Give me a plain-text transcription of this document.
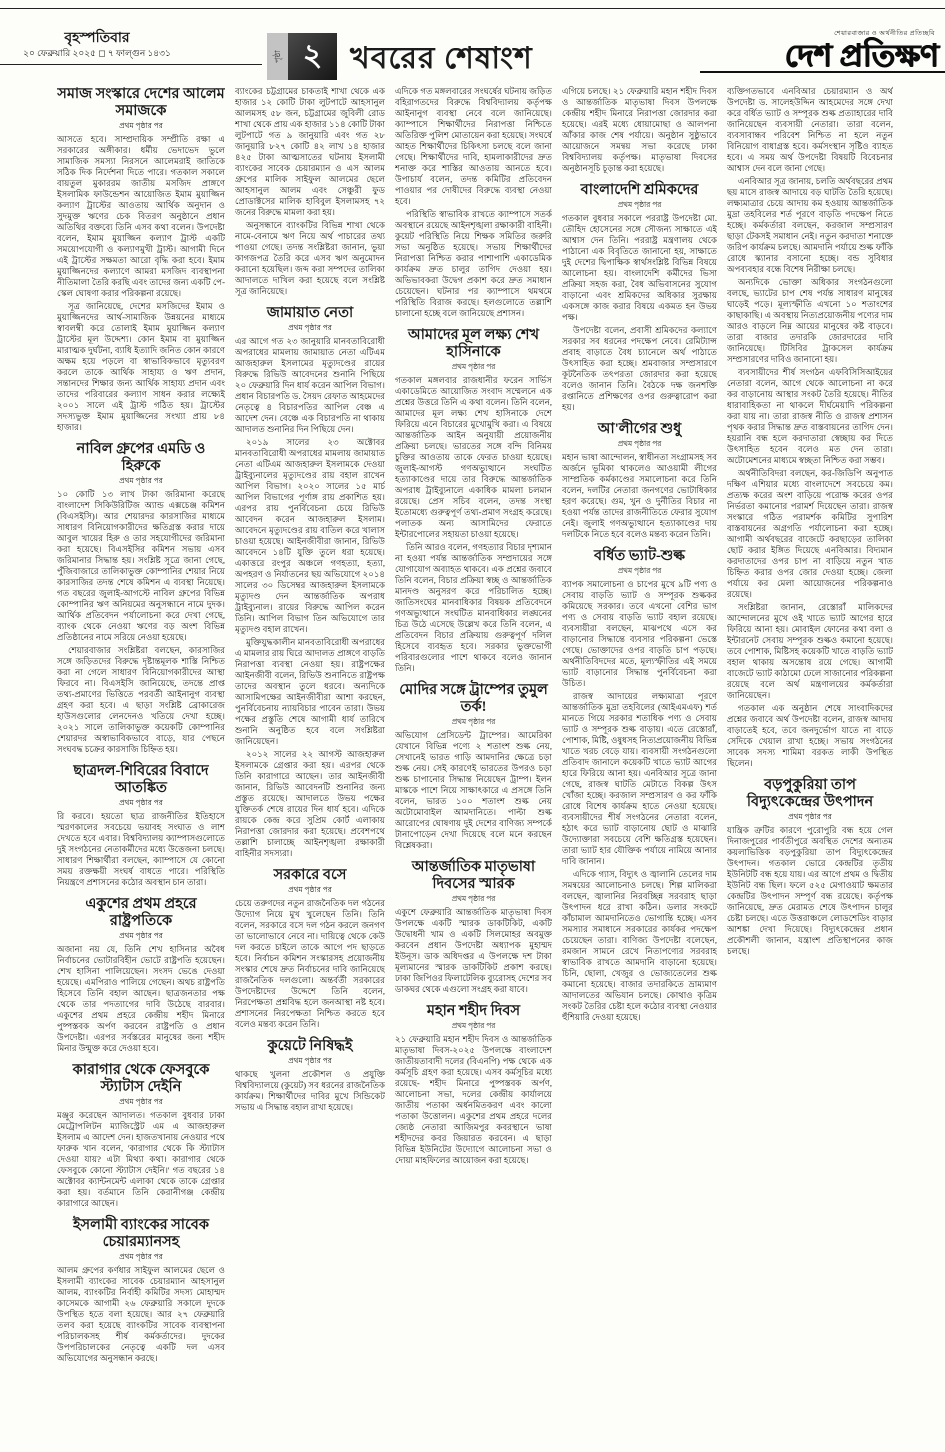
বৃহস্পতিবার
২০ ফেব্রুয়ারি ২০২৫ ◻ ৭ ফাল্গুন ১৪৩১	পৃষ্ঠা ২ খবরের শেষাংশ
শেয়ারবাজার ও অর্থনীতির প্রতিচ্ছবি
দেশ প্রতিক্ষণ
সমাজ সংস্কারে দেশের আলেম সমাজকে
প্রথম পৃষ্ঠার পর
আসতে হবে। সাম্প্রদায়িক সম্প্রীতি রক্ষা এ সরকারের অঙ্গীকার। ধর্মীয় ভেদাভেদ ভুলে সামাজিক সমস্যা নিরসনে আলেমরাই জাতিকে সঠিক দিক নির্দেশনা দিতে পারে। গতকাল সকালে বায়তুল মুকাররম জাতীয় মসজিদ প্রাঙ্গণে ইসলামিক ফাউন্ডেশন আয়োজিত ইমাম মুয়াজ্জিন কল্যাণ ট্রাস্টের আওতায় আর্থিক অনুদান ও সুদমুক্ত ঋণের চেক বিতরণ অনুষ্ঠানে প্রধান অতিথির বক্তব্যে তিনি এসব কথা বলেন। উপদেষ্টা বলেন, ইমাম মুয়াজ্জিন কল্যাণ ট্রাস্ট একটি সময়োপযোগী ও কল্যাণমুখী ট্রাস্ট। আগামী দিনে এই ট্রাস্টের সক্ষমতা আরো বৃদ্ধি করা হবে। ইমাম মুয়াজ্জিনদের কল্যাণে আমরা মসজিদ ব্যবস্থাপনা নীতিমালা তৈরি করছি এবং তাদের জন্য একটি পে-স্কেল ঘোষণা করার পরিকল্পনা রয়েছে।
সূত্র জানিয়েছে, দেশের মসজিদের ইমাম ও মুয়াজ্জিনদের আর্থ-সামাজিক উন্নয়নের মাধ্যমে স্বাবলম্বী করে তোলাই ইমাম মুয়াজ্জিন কল্যাণ ট্রাস্টের মূল উদ্দেশ্য। কোন ইমাম বা মুয়াজ্জিন মারাত্মক দুর্ঘটনা, ব্যাধি ইত্যাদি জনিত কোন কারণে অক্ষম হয়ে পড়লে বা স্বাভাবিকভাবে মৃত্যুবরণ করলে তাকে আর্থিক সাহায্য ও ঋণ প্রদান, সন্তানদের শিক্ষার জন্য আর্থিক সাহায্য প্রদান এবং তাদের পরিবারের কল্যাণ সাধন করার লক্ষ্যেই ২০০১ সালে এই ট্রাস্ট গঠিত হয়। ট্রাস্টের সদস্যভুক্ত ইমাম মুয়াজ্জিনের সংখ্যা প্রায় ৮৪ হাজার।
নাবিল গ্রুপের এমডি ও হিরুকে
প্রথম পৃষ্ঠার পর
১০ কোটি ১৩ লাখ টাকা জরিমানা করেছে বাংলাদেশ সিকিউরিটিজ অ্যান্ড এক্সচেঞ্জ কমিশন (বিএসইসি)। আর শেয়ারদর কারসাজির মাধ্যমে সাধারণ বিনিয়োগকারীদের ক্ষতিগ্রস্ত করার দায়ে আবুল খায়ের হিরু ও তার সহযোগীদের জরিমানা করা হয়েছে। বিএসইসির কমিশন সভায় এসব জরিমানার সিদ্ধান্ত হয়। সংশ্লিষ্ট সূত্রে জানা গেছে, পুঁজিবাজারে তালিকাভুক্ত কোম্পানির শেয়ার নিয়ে কারসাজির তদন্ত শেষে কমিশন এ ব্যবস্থা নিয়েছে। গত বছরের জুলাই-আগস্টে নাবিল গ্রুপের বিভিন্ন কোম্পানির ঋণ অনিয়মের অনুসন্ধানে নামে দুদক। আর্থিক প্রতিবেদন পর্যালোচনা করে দেখা গেছে, ব্যাংক থেকে নেওয়া ঋণের বড় অংশ বিভিন্ন প্রতিষ্ঠানের নামে সরিয়ে নেওয়া হয়েছে।
শেয়ারবাজার সংশ্লিষ্টরা বলছেন, কারসাজির সঙ্গে জড়িতদের বিরুদ্ধে দৃষ্টান্তমূলক শাস্তি নিশ্চিত করা না গেলে সাধারণ বিনিয়োগকারীদের আস্থা ফিরবে না। বিএসইসি জানিয়েছে, তদন্তে প্রাপ্ত তথ্য-প্রমাণের ভিত্তিতে পরবর্তী আইনানুগ ব্যবস্থা গ্রহণ করা হবে। এ ছাড়া সংশ্লিষ্ট ব্রোকারেজ হাউসগুলোর লেনদেনও খতিয়ে দেখা হচ্ছে। ২০২১ সালে তালিকাভুক্ত কয়েকটি কোম্পানির শেয়ারদর অস্বাভাবিকভাবে বাড়ে, যার পেছনে সংঘবদ্ধ চক্রের কারসাজি চিহ্নিত হয়।
ছাত্রদল-শিবিরের বিবাদে আতঙ্কিত
প্রথম পৃষ্ঠার পর
রি করবে। হয়তো ছাত্র রাজনীতির ইতিহাসে স্মরণকালের সবচেয়ে ভয়াবহ সংঘাত ও লাশ দেখতে হবে এবার। বিশ্ববিদ্যালয় ক্যাম্পাসগুলোতে দুই সংগঠনের নেতাকর্মীদের মধ্যে উত্তেজনা চলছে। সাধারণ শিক্ষার্থীরা বলছেন, ক্যাম্পাসে যে কোনো সময় রক্তক্ষয়ী সংঘর্ষ বাধতে পারে। পরিস্থিতি নিয়ন্ত্রণে প্রশাসনের কঠোর অবস্থান চান তারা।
একুশের প্রথম প্রহরে রাষ্ট্রপতিকে
প্রথম পৃষ্ঠার পর
অজানা নয় যে, তিনি শেখ হাসিনার অবৈধ নির্বাচনের ভোটারবিহীন ভোটে রাষ্ট্রপতি হয়েছেন। শেখ হাসিনা পালিয়েছেন। সংসদ ভেঙে দেওয়া হয়েছে। এমপিরাও পালিয়ে গেছেন। অথচ রাষ্ট্রপতি হিসেবে তিনি বহাল আছেন। ছাত্রজনতার পক্ষ থেকে তার পদত্যাগের দাবি উঠেছে বারবার। একুশের প্রথম প্রহরে কেন্দ্রীয় শহীদ মিনারে পুষ্পস্তবক অর্পণ করবেন রাষ্ট্রপতি ও প্রধান উপদেষ্টা। এরপর সর্বস্তরের মানুষের জন্য শহীদ মিনার উন্মুক্ত করে দেওয়া হবে।
কারাগার থেকে ফেসবুকে স্ট্যাটাস দেইনি
প্রথম পৃষ্ঠার পর
মঞ্জুর করেছেন আদালত। গতকাল বুধবার ঢাকা মেট্রোপলিটন ম্যাজিস্ট্রেট এম এ আজহারুল ইসলাম এ আদেশ দেন। হাজতখানায় নেওয়ার পথে ফারুক খান বলেন, 'কারাগার থেকে কি স্ট্যাটাস দেওয়া যায়? এটা মিথ্যা কথা। কারাগার থেকে ফেসবুকে কোনো স্ট্যাটাস দেইনি।' গত বছরের ১৪ অক্টোবর ক্যান্টনমেন্ট এলাকা থেকে তাকে গ্রেপ্তার করা হয়। বর্তমানে তিনি কেরানীগঞ্জ কেন্দ্রীয় কারাগারে আছেন।
ইসলামী ব্যাংকের সাবেক চেয়ারম্যানসহ
প্রথম পৃষ্ঠার পর
আলম গ্রুপের কর্ণধার সাইফুল আলমের ছেলে ও ইসলামী ব্যাংকের সাবেক চেয়ারম্যান আহসানুল আলম, ব্যাংকটির নির্বাহী কমিটির সদস্য মোহাম্মদ কাসেমকে আগামী ২৬ ফেব্রুয়ারি সকালে দুদকে উপস্থিত হতে বলা হয়েছে। আর ২৭ ফেব্রুয়ারি তলব করা হয়েছে ব্যাংকটির সাবেক ব্যবস্থাপনা পরিচালকসহ শীর্ষ কর্মকর্তাদের। দুদকের উপপরিচালকের নেতৃত্বে একটি দল এসব অভিযোগের অনুসন্ধান করছে।
ব্যাংকের চট্টগ্রামের চাকতাই শাখা থেকে এক হাজার ১২ কোটি টাকা লুটপাটে আহসানুল আলমসহ ৫৮ জন, চট্টগ্রামের জুবিলী রোড শাখা থেকে প্রায় এক হাজার ১১৪ কোটি টাকা লুটপাটে গত ৯ জানুয়ারি এবং গত ২৮ জানুয়ারি ৮২৭ কোটি ৪২ লাখ ১৪ হাজার ৪২৫ টাকা আত্মসাতের ঘটনায় ইসলামী ব্যাংকের সাবেক চেয়ারম্যান ও এস আলম গ্রুপের মালিক সাইফুল আলমের ছেলে আহসানুল আলম এবং সেঞ্চুরী ফুড প্রোডাক্টসের মালিক হাবিবুল ইসলামসহ ৭২ জনের বিরুদ্ধে মামলা করা হয়।
অনুসন্ধানে ব্যাংকটির বিভিন্ন শাখা থেকে নামে-বেনামে ঋণ নিয়ে অর্থ পাচারের তথ্য পাওয়া গেছে। তদন্ত সংশ্লিষ্টরা জানান, ভুয়া কাগজপত্র তৈরি করে এসব ঋণ অনুমোদন করানো হয়েছিল। জব্দ করা সম্পদের তালিকা আদালতে দাখিল করা হয়েছে বলে সংশ্লিষ্ট সূত্র জানিয়েছে।
জামায়াত নেতা
প্রথম পৃষ্ঠার পর
এর আগে গত ২৩ জানুয়ারি মানবতাবিরোধী অপরাধের মামলায় জামায়াত নেতা এটিএম আজহারুল ইসলামের মৃত্যুদণ্ডের রায়ের বিরুদ্ধে রিভিউ আবেদনের শুনানি পিছিয়ে ২০ ফেব্রুয়ারি দিন ধার্য করেন আপিল বিভাগ। প্রধান বিচারপতি ড. সৈয়দ রেফাত আহমেদের নেতৃত্বে ৪ বিচারপতির আপিল বেঞ্চ এ আদেশ দেন। বেঞ্চে এক বিচারপতি না থাকায় আদালত শুনানির দিন পিছিয়ে দেন।
২০১৯ সালের ২৩ অক্টোবর মানবতাবিরোধী অপরাধের মামলায় জামায়াত নেতা এটিএম আজহারুল ইসলামকে দেওয়া ট্রাইব্যুনালের মৃত্যুদণ্ডের রায় বহাল রাখেন আপিল বিভাগ। ২০২০ সালের ১৫ মার্চ আপিল বিভাগের পূর্ণাঙ্গ রায় প্রকাশিত হয়। এরপর রায় পুনর্বিবেচনা চেয়ে রিভিউ আবেদন করেন আজহারুল ইসলাম। আবেদনে মৃত্যুদণ্ডের রায় বাতিল করে খালাস চাওয়া হয়েছে। আইনজীবীরা জানান, রিভিউ আবেদনে ১৪টি যুক্তি তুলে ধরা হয়েছে। একাত্তরে রংপুর অঞ্চলে গণহত্যা, হত্যা, অপহরণ ও নির্যাতনের ছয় অভিযোগে ২০১৪ সালের ৩০ ডিসেম্বর আজহারুল ইসলামকে মৃত্যুদণ্ড দেন আন্তর্জাতিক অপরাধ ট্রাইব্যুনাল। রায়ের বিরুদ্ধে আপিল করেন তিনি। আপিল বিভাগ তিন অভিযোগে তার মৃত্যুদণ্ড বহাল রাখেন।
মুক্তিযুদ্ধকালীন মানবতাবিরোধী অপরাধের এ মামলার রায় ঘিরে আদালত প্রাঙ্গণে বাড়তি নিরাপত্তা ব্যবস্থা নেওয়া হয়। রাষ্ট্রপক্ষের আইনজীবী বলেন, রিভিউ শুনানিতে রাষ্ট্রপক্ষ তাদের অবস্থান তুলে ধরবে। অন্যদিকে আসামিপক্ষের আইনজীবীরা আশা করছেন, পুনর্বিবেচনায় ন্যায়বিচার পাবেন তারা। উভয় পক্ষের প্রস্তুতি শেষে আগামী ধার্য তারিখে শুনানি অনুষ্ঠিত হবে বলে সংশ্লিষ্টরা জানিয়েছেন।
২০১২ সালের ২২ আগস্ট আজহারুল ইসলামকে গ্রেপ্তার করা হয়। এরপর থেকে তিনি কারাগারে আছেন। তার আইনজীবী জানান, রিভিউ আবেদনটি শুনানির জন্য প্রস্তুত রয়েছে। আদালতে উভয় পক্ষের যুক্তিতর্ক শেষে রায়ের দিন ধার্য হবে। এদিকে রায়কে কেন্দ্র করে সুপ্রিম কোর্ট এলাকায় নিরাপত্তা জোরদার করা হয়েছে। প্রবেশপথে তল্লাশি চালাচ্ছে আইনশৃঙ্খলা রক্ষাকারী বাহিনীর সদস্যরা।
সরকারে বসে
প্রথম পৃষ্ঠার পর
চেয়ে তরুণদের নতুন রাজনৈতিক দল গঠনের উদ্যোগ নিয়ে মুখ খুলেছেন তিনি। তিনি বলেন, সরকারে বসে দল গঠন করলে জনগণ তা ভালোভাবে নেবে না। দায়িত্বে থেকে কেউ দল করতে চাইলে তাকে আগে পদ ছাড়তে হবে। নির্বাচন কমিশন সংস্কারসহ প্রয়োজনীয় সংস্কার শেষে দ্রুত নির্বাচনের দাবি জানিয়েছে রাজনৈতিক দলগুলো। অন্তর্বর্তী সরকারের উপদেষ্টাদের উদ্দেশে তিনি বলেন, নিরপেক্ষতা প্রশ্নবিদ্ধ হলে জনআস্থা নষ্ট হবে। প্রশাসনের নিরপেক্ষতা নিশ্চিত করতে হবে বলেও মন্তব্য করেন তিনি।
কুয়েটে নিষিদ্ধই
প্রথম পৃষ্ঠার পর
থাকছে খুলনা প্রকৌশল ও প্রযুক্তি বিশ্ববিদ্যালয়ে (কুয়েট) সব ধরনের রাজনৈতিক কার্যক্রম। শিক্ষার্থীদের দাবির মুখে সিন্ডিকেট সভায় এ সিদ্ধান্ত বহাল রাখা হয়েছে।
এদিকে গত মঙ্গলবারের সংঘর্ষের ঘটনায় জড়িত বহিরাগতদের বিরুদ্ধে বিশ্ববিদ্যালয় কর্তৃপক্ষ আইনানুগ ব্যবস্থা নেবে বলে জানিয়েছে। ক্যাম্পাসে শিক্ষার্থীদের নিরাপত্তা নিশ্চিতে অতিরিক্ত পুলিশ মোতায়েন করা হয়েছে। সংঘর্ষে আহত শিক্ষার্থীদের চিকিৎসা চলছে বলে জানা গেছে। শিক্ষার্থীদের দাবি, হামলাকারীদের দ্রুত শনাক্ত করে শাস্তির আওতায় আনতে হবে। উপাচার্য বলেন, তদন্ত কমিটির প্রতিবেদন পাওয়ার পর দোষীদের বিরুদ্ধে ব্যবস্থা নেওয়া হবে।
পরিস্থিতি স্বাভাবিক রাখতে ক্যাম্পাসে সতর্ক অবস্থানে রয়েছে আইনশৃঙ্খলা রক্ষাকারী বাহিনী। কুয়েট পরিস্থিতি নিয়ে শিক্ষক সমিতির জরুরি সভা অনুষ্ঠিত হয়েছে। সভায় শিক্ষার্থীদের নিরাপত্তা নিশ্চিত করার পাশাপাশি একাডেমিক কার্যক্রম দ্রুত চালুর তাগিদ দেওয়া হয়। অভিভাবকরা উদ্বেগ প্রকাশ করে দ্রুত সমাধান চেয়েছেন। ঘটনার পর ক্যাম্পাসে থমথমে পরিস্থিতি বিরাজ করছে। হলগুলোতে তল্লাশি চালানো হচ্ছে বলে জানিয়েছে প্রশাসন।
আমাদের মূল লক্ষ্য শেখ হাসিনাকে
প্রথম পৃষ্ঠার পর
গতকাল মঙ্গলবার রাজধানীর ফরেন সার্ভিস একাডেমিতে আয়োজিত সংবাদ সম্মেলনে এক প্রশ্নের উত্তরে তিনি এ কথা বলেন। তিনি বলেন, আমাদের মূল লক্ষ্য শেখ হাসিনাকে দেশে ফিরিয়ে এনে বিচারের মুখোমুখি করা। এ বিষয়ে আন্তর্জাতিক আইন অনুযায়ী প্রয়োজনীয় প্রক্রিয়া চলছে। ভারতের সঙ্গে বন্দি বিনিময় চুক্তির আওতায় তাকে ফেরত চাওয়া হয়েছে। জুলাই-আগস্ট গণঅভ্যুত্থানে সংঘটিত হত্যাকাণ্ডের দায়ে তার বিরুদ্ধে আন্তর্জাতিক অপরাধ ট্রাইব্যুনালে একাধিক মামলা চলমান রয়েছে। প্রেস সচিব বলেন, তদন্ত সংস্থা ইতোমধ্যে গুরুত্বপূর্ণ তথ্য-প্রমাণ সংগ্রহ করেছে। পলাতক অন্য আসামিদের ফেরাতে ইন্টারপোলের সহায়তা চাওয়া হয়েছে।
তিনি আরও বলেন, গণহত্যার বিচার দৃশ্যমান না হওয়া পর্যন্ত আন্তর্জাতিক সম্প্রদায়ের সঙ্গে যোগাযোগ অব্যাহত থাকবে। এক প্রশ্নের জবাবে তিনি বলেন, বিচার প্রক্রিয়া স্বচ্ছ ও আন্তর্জাতিক মানদণ্ড অনুসরণ করে পরিচালিত হচ্ছে। জাতিসংঘের মানবাধিকার বিষয়ক প্রতিবেদনে গণঅভ্যুত্থানে সংঘটিত মানবাধিকার লঙ্ঘনের চিত্র উঠে এসেছে উল্লেখ করে তিনি বলেন, এ প্রতিবেদন বিচার প্রক্রিয়ায় গুরুত্বপূর্ণ দলিল হিসেবে ব্যবহৃত হবে। সরকার ভুক্তভোগী পরিবারগুলোর পাশে থাকবে বলেও জানান তিনি।
মোদির সঙ্গে ট্রাম্পের তুমুল তর্ক!
প্রথম পৃষ্ঠার পর
অভিযোগ প্রেসিডেন্ট ট্রাম্পের। আমেরিকা যেখানে বিভিন্ন পণ্যে ২ শতাংশ শুল্ক নেয়, সেখানেই ভারত গাড়ি আমদানির ক্ষেত্রে চড়া শুল্ক নেয়। সেই কারণেই ভারতের উপরও চড়া শুল্ক চাপানোর সিদ্ধান্ত নিয়েছেন ট্রাম্প। ইলন মাস্ককে পাশে নিয়ে সাক্ষাৎকারে এ প্রসঙ্গে তিনি বলেন, ভারত ১০০ শতাংশ শুল্ক নেয় অটোমোবাইল আমদানিতে। পাল্টা শুল্ক আরোপের ঘোষণায় দুই দেশের বাণিজ্য সম্পর্কে টানাপোড়েন দেখা দিয়েছে বলে মনে করছেন বিশ্লেষকরা।
আন্তর্জাতিক মাতৃভাষা দিবসের স্মারক
প্রথম পৃষ্ঠার পর
একুশে ফেব্রুয়ারি আন্তর্জাতিক মাতৃভাষা দিবস উপলক্ষে একটি স্মারক ডাকটিকিট, একটি উদ্বোধনী খাম ও একটি সিলমোহর অবমুক্ত করবেন প্রধান উপদেষ্টা অধ্যাপক মুহাম্মদ ইউনূস। ডাক অধিদপ্তর এ উপলক্ষে দশ টাকা মূল্যমানের স্মারক ডাকটিকিট প্রকাশ করছে। ঢাকা জিপিওর ফিলাটেলিক ব্যুরোসহ দেশের সব ডাকঘর থেকে এগুলো সংগ্রহ করা যাবে।
মহান শহীদ দিবস
প্রথম পৃষ্ঠার পর
২১ ফেব্রুয়ারি মহান শহীদ দিবস ও আন্তর্জাতিক মাতৃভাষা দিবস-২০২৫ উপলক্ষে বাংলাদেশ জাতীয়তাবাদী দলের (বিএনপি) পক্ষ থেকে এক কর্মসূচি গ্রহণ করা হয়েছে। এসব কর্মসূচির মধ্যে রয়েছে- শহীদ মিনারে পুষ্পস্তবক অর্পণ, আলোচনা সভা, দলের কেন্দ্রীয় কার্যালয়ে জাতীয় পতাকা অর্ধনমিতকরণ এবং কালো পতাকা উত্তোলন। একুশের প্রথম প্রহরে দলের জ্যেষ্ঠ নেতারা আজিমপুর কবরস্থানে ভাষা শহীদদের কবর জিয়ারত করবেন। এ ছাড়া বিভিন্ন ইউনিটের উদ্যোগে আলোচনা সভা ও দোয়া মাহফিলের আয়োজন করা হয়েছে।
এগিয়ে চলছে। ২১ ফেব্রুয়ারি মহান শহীদ দিবস ও আন্তর্জাতিক মাতৃভাষা দিবস উপলক্ষে কেন্দ্রীয় শহীদ মিনারে নিরাপত্তা জোরদার করা হয়েছে। এরই মধ্যে ধোয়ামোছা ও আলপনা আঁকার কাজ শেষ পর্যায়ে। অনুষ্ঠান সুষ্ঠুভাবে আয়োজনে সমন্বয় সভা করেছে ঢাকা বিশ্ববিদ্যালয় কর্তৃপক্ষ। মাতৃভাষা দিবসের অনুষ্ঠানসূচি চূড়ান্ত করা হয়েছে।
বাংলাদেশি শ্রমিকদের
প্রথম পৃষ্ঠার পর
গতকাল বুধবার সকালে পররাষ্ট্র উপদেষ্টা মো. তৌহিদ হোসেনের সঙ্গে সৌজন্য সাক্ষাতে এই আশ্বাস দেন তিনি। পররাষ্ট্র মন্ত্রণালয় থেকে পাঠানো এক বিবৃতিতে জানানো হয়, সাক্ষাতে দুই দেশের দ্বিপাক্ষিক স্বার্থসংশ্লিষ্ট বিভিন্ন বিষয়ে আলোচনা হয়। বাংলাদেশি কর্মীদের ভিসা প্রক্রিয়া সহজ করা, বৈধ অভিবাসনের সুযোগ বাড়ানো এবং শ্রমিকদের অধিকার সুরক্ষায় একসঙ্গে কাজ করার বিষয়ে একমত হন উভয় পক্ষ।
উপদেষ্টা বলেন, প্রবাসী শ্রমিকদের কল্যাণে সরকার সব ধরনের পদক্ষেপ নেবে। রেমিট্যান্স প্রবাহ বাড়াতে বৈধ চ্যানেলে অর্থ পাঠাতে উৎসাহিত করা হচ্ছে। শ্রমবাজার সম্প্রসারণে কূটনৈতিক তৎপরতা জোরদার করা হয়েছে বলেও জানান তিনি। বৈঠকে দক্ষ জনশক্তি রপ্তানিতে প্রশিক্ষণের ওপর গুরুত্বারোপ করা হয়।
আ'লীগের শুধু
প্রথম পৃষ্ঠার পর
মহান ভাষা আন্দোলন, স্বাধীনতা সংগ্রামসহ সব অর্জনে ভূমিকা থাকলেও আওয়ামী লীগের সাম্প্রতিক কর্মকাণ্ডের সমালোচনা করে তিনি বলেন, দলটির নেতারা জনগণের ভোটাধিকার হরণ করেছে। গুম, খুন ও দুর্নীতির বিচার না হওয়া পর্যন্ত তাদের রাজনীতিতে ফেরার সুযোগ নেই। জুলাই গণঅভ্যুত্থানে হত্যাকাণ্ডের দায় দলটিকে নিতে হবে বলেও মন্তব্য করেন তিনি।
বর্ধিত ভ্যাট-শুল্ক
প্রথম পৃষ্ঠার পর
ব্যাপক সমালোচনা ও চাপের মুখে ৯টি পণ্য ও সেবায় বাড়তি ভ্যাট ও সম্পূরক শুল্ককর কমিয়েছে সরকার। তবে এখনো বেশির ভাগ পণ্য ও সেবায় বাড়তি ভ্যাট বহাল রয়েছে। ব্যবসায়ীরা বলছেন, মাঝপথে এসে কর বাড়ানোর সিদ্ধান্তে ব্যবসার পরিকল্পনা ভেস্তে গেছে। ভোক্তাদের ওপর বাড়তি চাপ পড়ছে। অর্থনীতিবিদদের মতে, মূল্যস্ফীতির এই সময়ে ভ্যাট বাড়ানোর সিদ্ধান্ত পুনর্বিবেচনা করা উচিত।
রাজস্ব আদায়ের লক্ষ্যমাত্রা পূরণে আন্তর্জাতিক মুদ্রা তহবিলের (আইএমএফ) শর্ত মানতে গিয়ে সরকার শতাধিক পণ্য ও সেবায় ভ্যাট ও সম্পূরক শুল্ক বাড়ায়। এতে রেস্তোরাঁ, পোশাক, মিষ্টি, ওষুধসহ নিত্যপ্রয়োজনীয় বিভিন্ন খাতে খরচ বেড়ে যায়। ব্যবসায়ী সংগঠনগুলো প্রতিবাদ জানালে কয়েকটি খাতে ভ্যাট আগের হারে ফিরিয়ে আনা হয়। এনবিআর সূত্রে জানা গেছে, রাজস্ব ঘাটতি মেটাতে বিকল্প উৎস খোঁজা হচ্ছে। করজাল সম্প্রসারণ ও কর ফাঁকি রোধে বিশেষ কার্যক্রম হাতে নেওয়া হয়েছে। ব্যবসায়ীদের শীর্ষ সংগঠনের নেতারা বলেন, হঠাৎ করে ভ্যাট বাড়ানোয় ছোট ও মাঝারি উদ্যোক্তারা সবচেয়ে বেশি ক্ষতিগ্রস্ত হয়েছেন। তারা ভ্যাট হার যৌক্তিক পর্যায়ে নামিয়ে আনার দাবি জানান।
এদিকে গ্যাস, বিদ্যুৎ ও জ্বালানি তেলের দাম সমন্বয়ের আলোচনাও চলছে। শিল্প মালিকরা বলছেন, জ্বালানির নিরবচ্ছিন্ন সরবরাহ ছাড়া উৎপাদন ধরে রাখা কঠিন। ডলার সংকটে কাঁচামাল আমদানিতেও ভোগান্তি হচ্ছে। এসব সমস্যার সমাধানে সরকারের কার্যকর পদক্ষেপ চেয়েছেন তারা। বাণিজ্য উপদেষ্টা বলেছেন, রমজান সামনে রেখে নিত্যপণ্যের সরবরাহ স্বাভাবিক রাখতে আমদানি বাড়ানো হয়েছে। চিনি, ছোলা, খেজুর ও ভোজ্যতেলের শুল্ক কমানো হয়েছে। বাজার তদারকিতে ভ্রাম্যমাণ আদালতের অভিযান চলছে। কোথাও কৃত্রিম সংকট তৈরির চেষ্টা হলে কঠোর ব্যবস্থা নেওয়ার হুঁশিয়ারি দেওয়া হয়েছে।
ব্যক্তিগতভাবে এনবিআর চেয়ারম্যান ও অর্থ উপদেষ্টা ড. সালেহউদ্দিন আহমেদের সঙ্গে দেখা করে বর্ধিত ভ্যাট ও সম্পূরক শুল্ক প্রত্যাহারের দাবি জানিয়েছেন ব্যবসায়ী নেতারা। তারা বলেন, ব্যবসাবান্ধব পরিবেশ নিশ্চিত না হলে নতুন বিনিয়োগ বাধাগ্রস্ত হবে। কর্মসংস্থান সৃষ্টিও ব্যাহত হবে। এ সময় অর্থ উপদেষ্টা বিষয়টি বিবেচনার আশ্বাস দেন বলে জানা গেছে।
এনবিআর সূত্র জানায়, চলতি অর্থবছরের প্রথম ছয় মাসে রাজস্ব আদায়ে বড় ঘাটতি তৈরি হয়েছে। লক্ষ্যমাত্রার চেয়ে আদায় কম হওয়ায় আন্তর্জাতিক মুদ্রা তহবিলের শর্ত পূরণে বাড়তি পদক্ষেপ নিতে হচ্ছে। কর্মকর্তারা বলছেন, করজাল সম্প্রসারণ ছাড়া টেকসই সমাধান নেই। নতুন করদাতা শনাক্তে জরিপ কার্যক্রম চলছে। আমদানি পর্যায়ে শুল্ক ফাঁকি রোধে স্ক্যানার বসানো হচ্ছে। বন্ড সুবিধার অপব্যবহার বন্ধে বিশেষ নিরীক্ষা চলছে।
অন্যদিকে ভোক্তা অধিকার সংগঠনগুলো বলছে, ভ্যাটের চাপ শেষ পর্যন্ত সাধারণ মানুষের ঘাড়েই পড়ে। মূল্যস্ফীতি এখনো ১০ শতাংশের কাছাকাছি। এ অবস্থায় নিত্যপ্রয়োজনীয় পণ্যের দাম আরও বাড়লে নিম্ন আয়ের মানুষের কষ্ট বাড়বে। তারা বাজার তদারকি জোরদারের দাবি জানিয়েছে। টিসিবির ট্রাকসেল কার্যক্রম সম্প্রসারণের দাবিও জানানো হয়।
ব্যবসায়ীদের শীর্ষ সংগঠন এফবিসিসিআইয়ের নেতারা বলেন, আগে থেকে আলোচনা না করে কর বাড়ানোয় আস্থার সংকট তৈরি হয়েছে। নীতির ধারাবাহিকতা না থাকলে দীর্ঘমেয়াদি পরিকল্পনা করা যায় না। তারা রাজস্ব নীতি ও রাজস্ব প্রশাসন পৃথক করার সিদ্ধান্ত দ্রুত বাস্তবায়নের তাগিদ দেন। হয়রানি বন্ধ হলে করদাতারা স্বেচ্ছায় কর দিতে উৎসাহিত হবেন বলেও মত দেন তারা। অটোমেশনের মাধ্যমে স্বচ্ছতা নিশ্চিত করা সম্ভব।
অর্থনীতিবিদরা বলছেন, কর-জিডিপি অনুপাত দক্ষিণ এশিয়ার মধ্যে বাংলাদেশে সবচেয়ে কম। প্রত্যক্ষ করের অংশ বাড়িয়ে পরোক্ষ করের ওপর নির্ভরতা কমানোর পরামর্শ দিয়েছেন তারা। রাজস্ব সংস্কারে গঠিত পরামর্শক কমিটির সুপারিশ বাস্তবায়নের অগ্রগতি পর্যালোচনা করা হচ্ছে। আগামী অর্থবছরের বাজেটে করছাড়ের তালিকা ছোট করার ইঙ্গিত দিয়েছে এনবিআর। বিদ্যমান করদাতাদের ওপর চাপ না বাড়িয়ে নতুন খাত চিহ্নিত করার ওপর জোর দেওয়া হচ্ছে। জেলা পর্যায়ে কর মেলা আয়োজনের পরিকল্পনাও রয়েছে।
সংশ্লিষ্টরা জানান, রেস্তোরাঁ মালিকদের আন্দোলনের মুখে ওই খাতে ভ্যাট আগের হারে ফিরিয়ে আনা হয়। মোবাইল ফোনের কথা বলা ও ইন্টারনেট সেবায় সম্পূরক শুল্কও কমানো হয়েছে। তবে পোশাক, মিষ্টিসহ কয়েকটি খাতে বাড়তি ভ্যাট বহাল থাকায় অসন্তোষ রয়ে গেছে। আগামী বাজেটে ভ্যাট কাঠামো ঢেলে সাজানোর পরিকল্পনা রয়েছে বলে অর্থ মন্ত্রণালয়ের কর্মকর্তারা জানিয়েছেন।
গতকাল এক অনুষ্ঠান শেষে সাংবাদিকদের প্রশ্নের জবাবে অর্থ উপদেষ্টা বলেন, রাজস্ব আদায় বাড়াতেই হবে, তবে জনদুর্ভোগ যাতে না বাড়ে সেদিকে খেয়াল রাখা হচ্ছে। সভায় সংগঠনের সাবেক সদস্য শামিমা বরকত লাকী উপস্থিত ছিলেন।
বড়পুকুরিয়া তাপ বিদ্যুৎকেন্দ্রের উৎপাদন
প্রথম পৃষ্ঠার পর
যান্ত্রিক ত্রুটির কারণে পুরোপুরি বন্ধ হয়ে গেল দিনাজপুরের পার্বতীপুরে অবস্থিত দেশের অন্যতম কয়লাভিত্তিক বড়পুকুরিয়া তাপ বিদ্যুৎকেন্দ্রের উৎপাদন। গতকাল ভোরে কেন্দ্রটির তৃতীয় ইউনিটটি বন্ধ হয়ে যায়। এর আগে প্রথম ও দ্বিতীয় ইউনিট বন্ধ ছিল। ফলে ৫২৫ মেগাওয়াট ক্ষমতার কেন্দ্রটির উৎপাদন সম্পূর্ণ বন্ধ রয়েছে। কর্তৃপক্ষ জানিয়েছে, দ্রুত মেরামত শেষে উৎপাদন চালুর চেষ্টা চলছে। এতে উত্তরাঞ্চলে লোডশেডিং বাড়ার আশঙ্কা দেখা দিয়েছে। বিদ্যুৎকেন্দ্রের প্রধান প্রকৌশলী জানান, যন্ত্রাংশ প্রতিস্থাপনের কাজ চলছে।
